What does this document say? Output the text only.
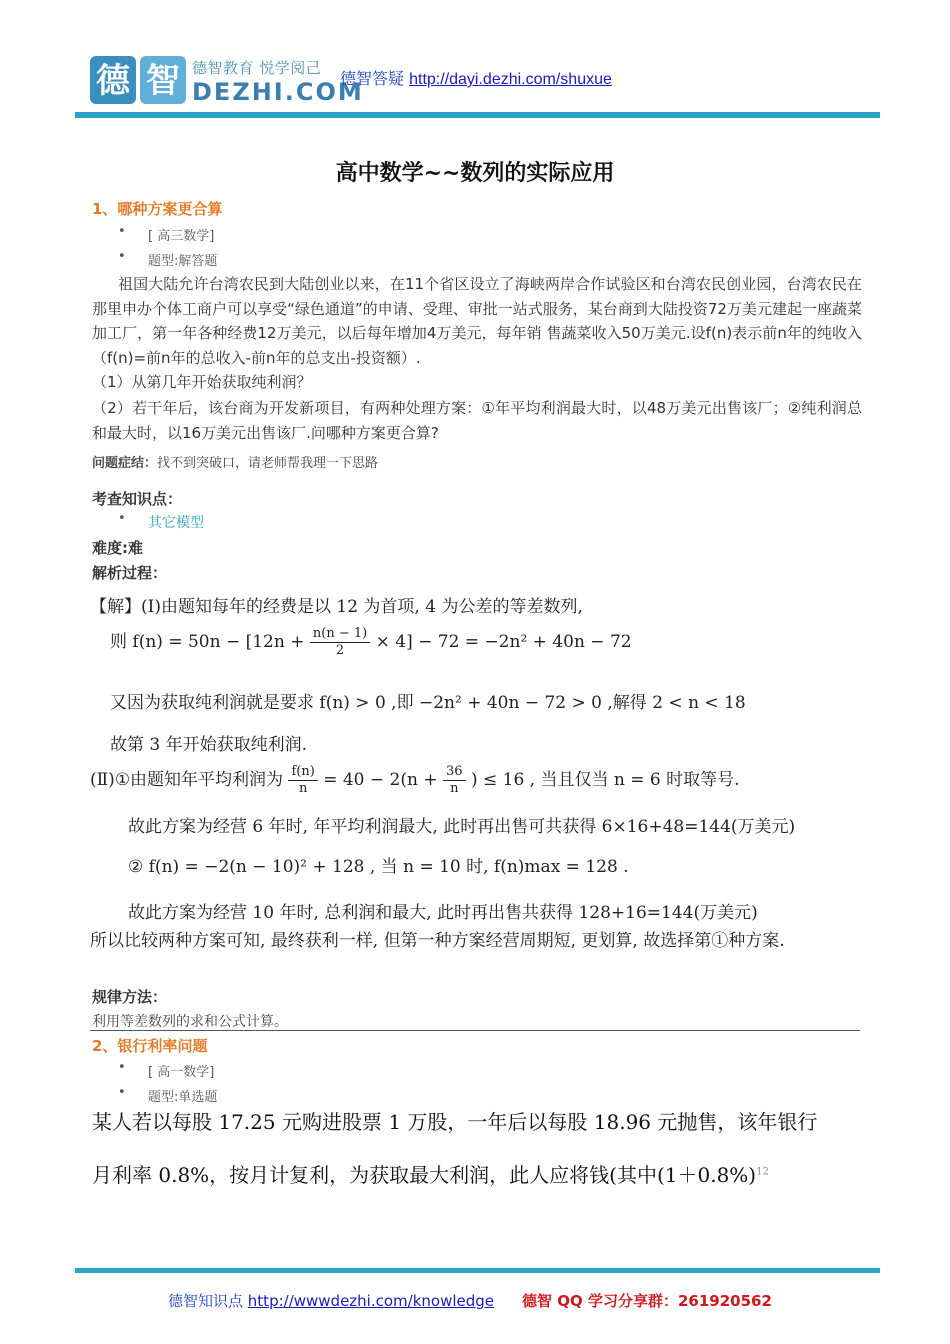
德 智 德智教育 悦学阅己
DEZHI.COM
德智答疑 http://dayi.dezhi.com/shuxue
高中数学~~数列的实际应用
1、哪种方案更合算
• [ 高三数学]
• 题型:解答题
祖国大陆允许台湾农民到大陆创业以来，在11个省区设立了海峡两岸合作试验区和台湾农民创业园，台湾农民在那里申办个体工商户可以享受“绿色通道”的申请、受理、审批一站式服务，某台商到大陆投资72万美元建起一座蔬菜加工厂，第一年各种经费12万美元，以后每年增加4万美元，每年销 售蔬菜收入50万美元.设f(n)表示前n年的纯收入（f(n)=前n年的总收入-前n年的总支出-投资额）.
（1）从第几年开始获取纯利润？
（2）若干年后，该台商为开发新项目，有两种处理方案：①年平均利润最大时，以48万美元出售该厂；②纯利润总和最大时，以16万美元出售该厂.问哪种方案更合算?
问题症结：找不到突破口，请老师帮我理一下思路
考查知识点：
• 其它模型
难度:难
解析过程：
【解】(Ⅰ)由题知每年的经费是以 12 为首项, 4 为公差的等差数列,
则 $f(n) = 50n - [12n + \frac{n(n - 1)}{2} \times 4] - 72 = -2n^2 + 40n - 72$
又因为获取纯利润就是要求 f(n) > 0 ,即 −2n² + 40n − 72 > 0 ,解得 2 < n < 18
故第 3 年开始获取纯利润.
(Ⅱ)①由题知年平均利润为 $\frac{f(n)}{n} = 40 - 2(n + \frac{36}{n}$ ) ≤ 16 , 当且仅当 n = 6 时取等号.
故此方案为经营 6 年时, 年平均利润最大, 此时再出售可共获得 6×16+48=144(万美元)
② f(n) = −2(n − 10)² + 128 , 当 n = 10 时, f(n)max = 128 .
故此方案为经营 10 年时, 总利润和最大, 此时再出售共获得 128+16=144(万美元)
所以比较两种方案可知, 最终获利一样, 但第一种方案经营周期短, 更划算, 故选择第①种方案.
规律方法：
利用等差数列的求和公式计算。
2、银行利率问题
• [ 高一数学]
• 题型:单选题
某人若以每股 17.25 元购进股票 1 万股，一年后以每股 18.96 元抛售，该年银行
月利率 0.8%，按月计复利，为获取最大利润，此人应将钱(其中$(1+0.8\%)^{12}$
德智知识点 http://wwwdezhi.com/knowledge 德智 QQ 学习分享群：261920562
